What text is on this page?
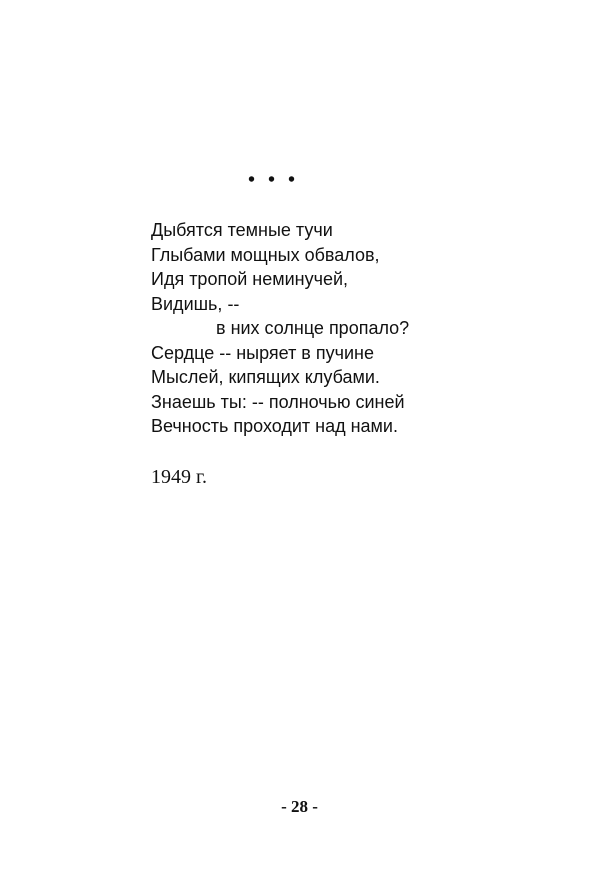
• • •
Дыбятся темные тучи
Глыбами мощных обвалов,
Идя тропой неминучей,
Видишь, --
в них солнце пропало?
Сердце -- ныряет в пучине
Мыслей, кипящих клубами.
Знаешь ты: -- полночью синей
Вечность проходит над нами.
1949 г.
- 28 -
